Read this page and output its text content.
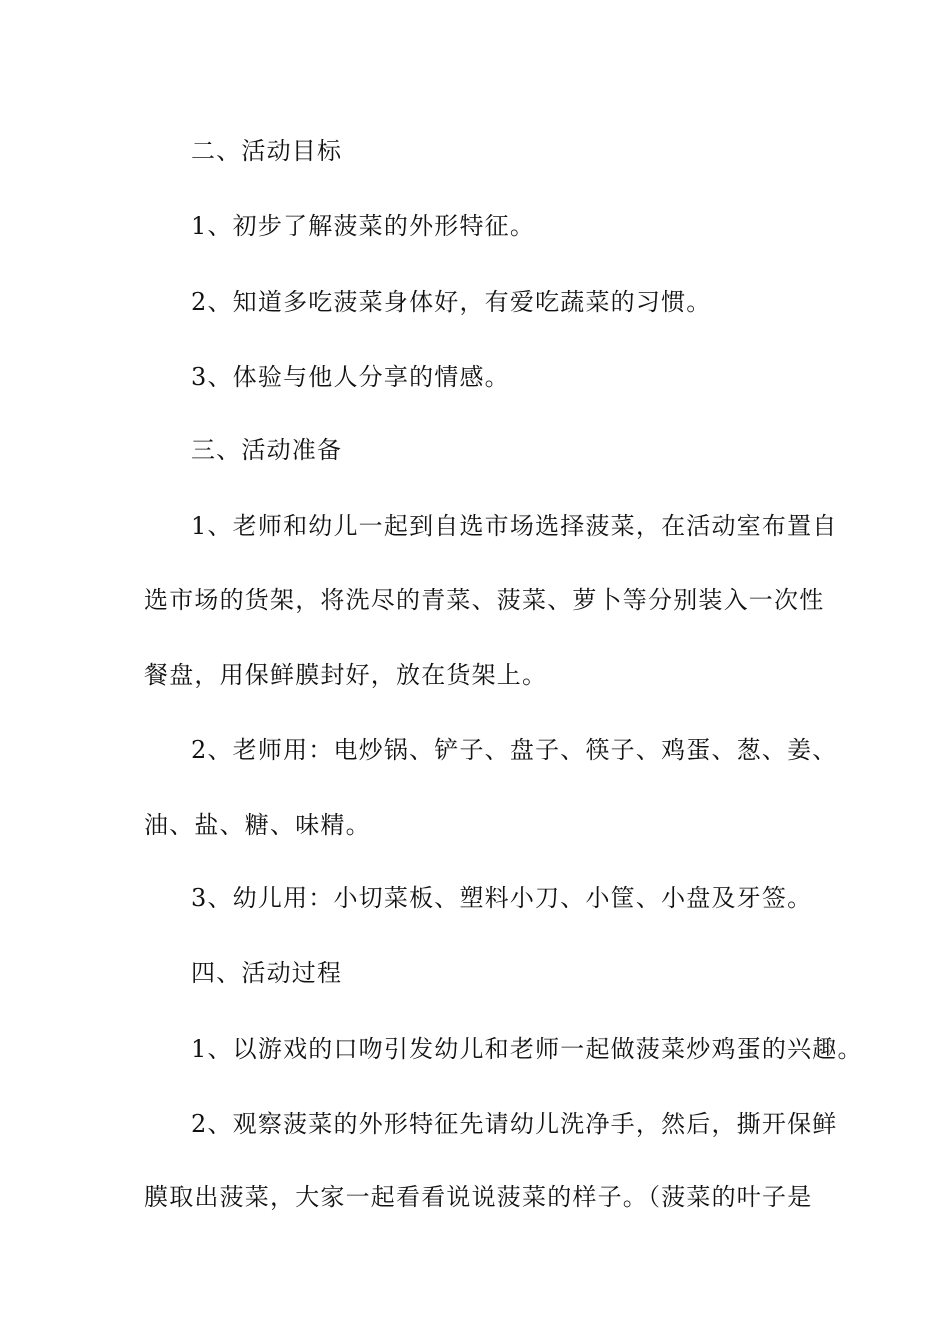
二、活动目标
1、初步了解菠菜的外形特征。
2、知道多吃菠菜身体好，有爱吃蔬菜的习惯。
3、体验与他人分享的情感。
三、活动准备
1、老师和幼儿一起到自选市场选择菠菜，在活动室布置自
选市场的货架，将洗尽的青菜、菠菜、萝卜等分别装入一次性
餐盘，用保鲜膜封好，放在货架上。
2、老师用：电炒锅、铲子、盘子、筷子、鸡蛋、葱、姜、
油、盐、糖、味精。
3、幼儿用：小切菜板、塑料小刀、小筐、小盘及牙签。
四、活动过程
1、以游戏的口吻引发幼儿和老师一起做菠菜炒鸡蛋的兴趣。
2、观察菠菜的外形特征先请幼儿洗净手，然后，撕开保鲜
膜取出菠菜，大家一起看看说说菠菜的样子。（菠菜的叶子是
